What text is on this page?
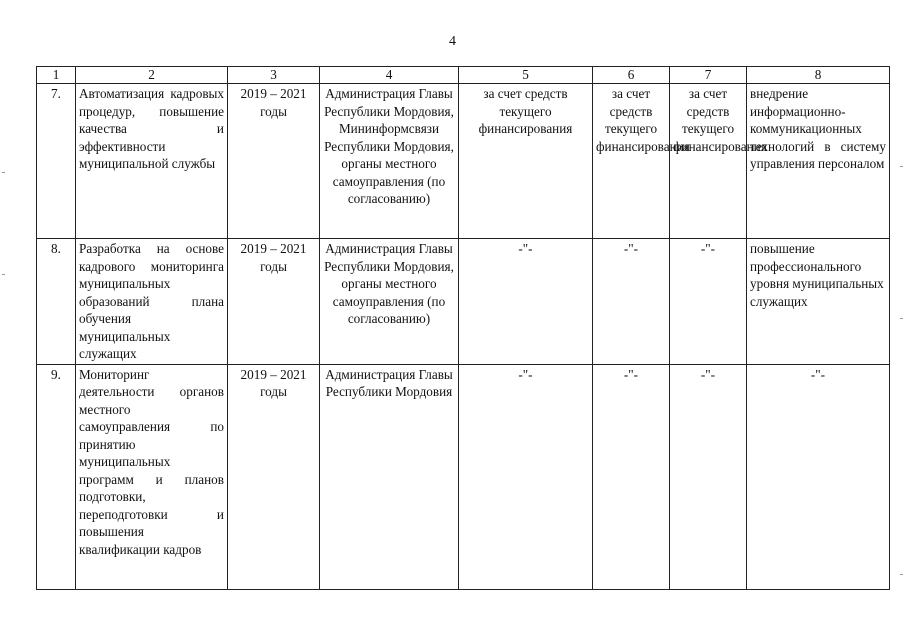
4
1	2	3	4	5	6	7	8
7.	Автоматизация кадровых процедур, повышение качества и эффективности муниципальной службы	2019 – 2021 годы	Администрация Главы Республики Мордовия, Мининформсвязи Республики Мордовия, органы местного самоуправления (по согласованию)	за счет средств текущего финансирования	за счет средств текущего финансирования	за счет средств текущего финансирования	внедрение информационно-коммуникационных технологий в систему управления персоналом
8.	Разработка на основе кадрового мониторинга муниципальных образований плана обучения муниципальных служащих	2019 – 2021 годы	Администрация Главы Республики Мордовия, органы местного самоуправления (по согласованию)	-"-	-"-	-"-	повышение профессионального уровня муниципальных служащих
9.	Мониторинг деятельности органов местного самоуправления по принятию муниципальных программ и планов подготовки, переподготовки и повышения квалификации кадров	2019 – 2021 годы	Администрация Главы Республики Мордовия	-"-	-"-	-"-	-"-
